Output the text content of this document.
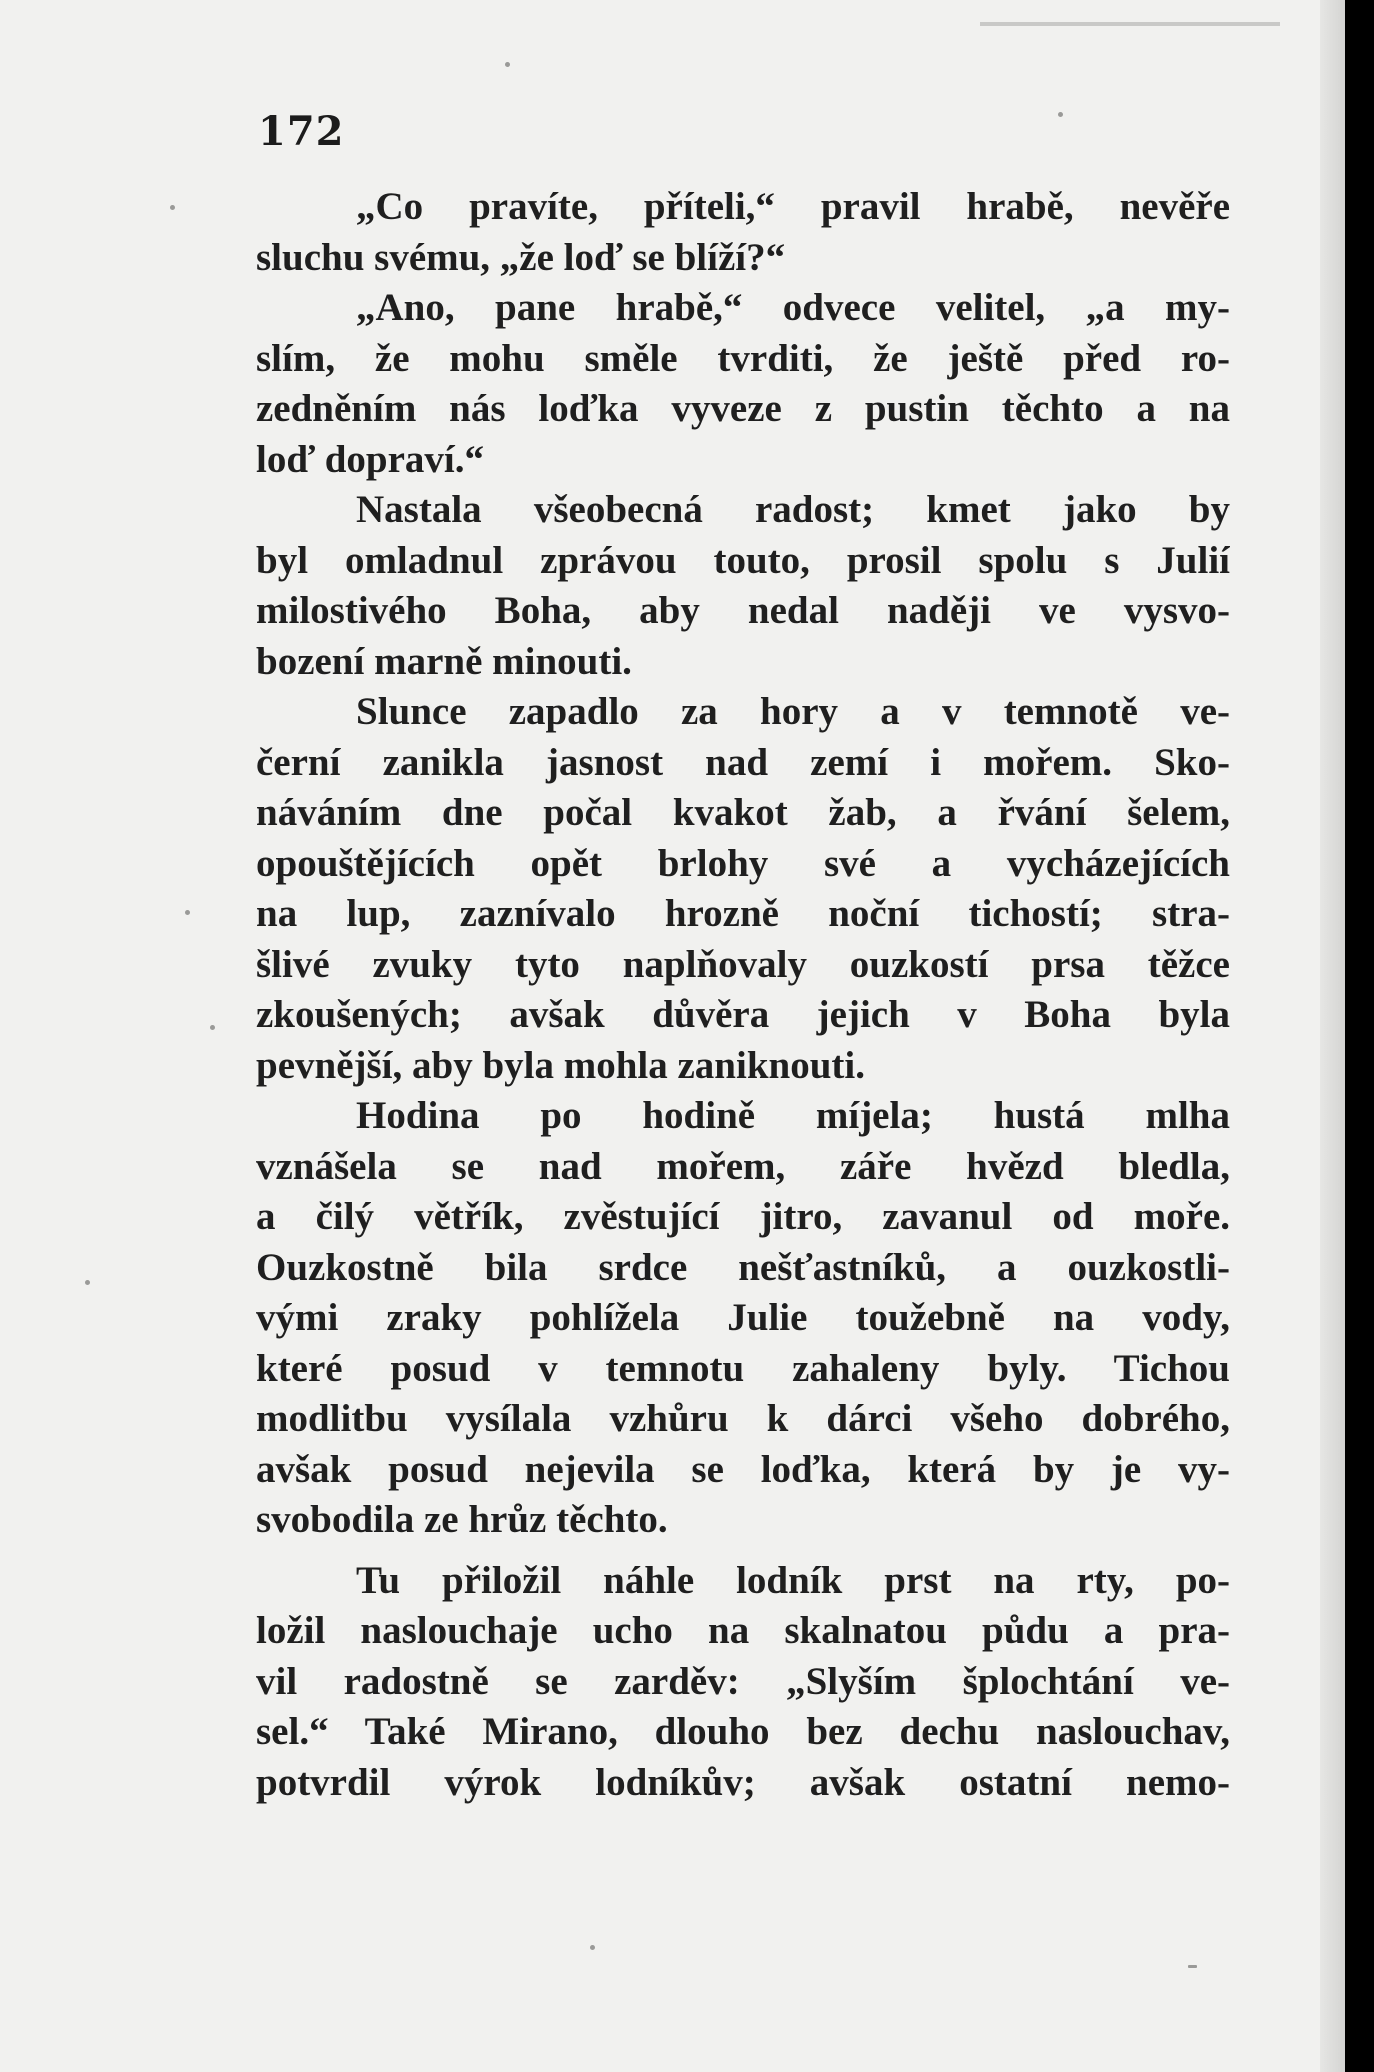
172
„Co pravíte, příteli,“ pravil hrabě, nevěře
sluchu svému, „že loď se blíží?“
„Ano, pane hrabě,“ odvece velitel, „a my-
slím, že mohu směle tvrditi, že ještě před ro-
zedněním nás loďka vyveze z pustin těchto a na
loď dopraví.“
Nastala všeobecná radost; kmet jako by
byl omladnul zprávou touto, prosil spolu s Julií
milostivého Boha, aby nedal naději ve vysvo-
bození marně minouti.
Slunce zapadlo za hory a v temnotě ve-
černí zanikla jasnost nad zemí i mořem. Sko-
náváním dne počal kvakot žab, a řvání šelem,
opouštějících opět brlohy své a vycházejících
na lup, zaznívalo hrozně noční tichostí; stra-
šlivé zvuky tyto naplňovaly ouzkostí prsa těžce
zkoušených; avšak důvěra jejich v Boha byla
pevnější, aby byla mohla zaniknouti.
Hodina po hodině míjela; hustá mlha
vznášela se nad mořem, záře hvězd bledla,
a čilý větřík, zvěstující jitro, zavanul od moře.
Ouzkostně bila srdce nešťastníků, a ouzkostli-
vými zraky pohlížela Julie toužebně na vody,
které posud v temnotu zahaleny byly. Tichou
modlitbu vysílala vzhůru k dárci všeho dobrého,
avšak posud nejevila se loďka, která by je vy-
svobodila ze hrůz těchto.
Tu přiložil náhle lodník prst na rty, po-
ložil naslouchaje ucho na skalnatou půdu a pra-
vil radostně se zarděv: „Slyším šplochtání ve-
sel.“ Také Mirano, dlouho bez dechu naslouchav,
potvrdil výrok lodníkův; avšak ostatní nemo-
